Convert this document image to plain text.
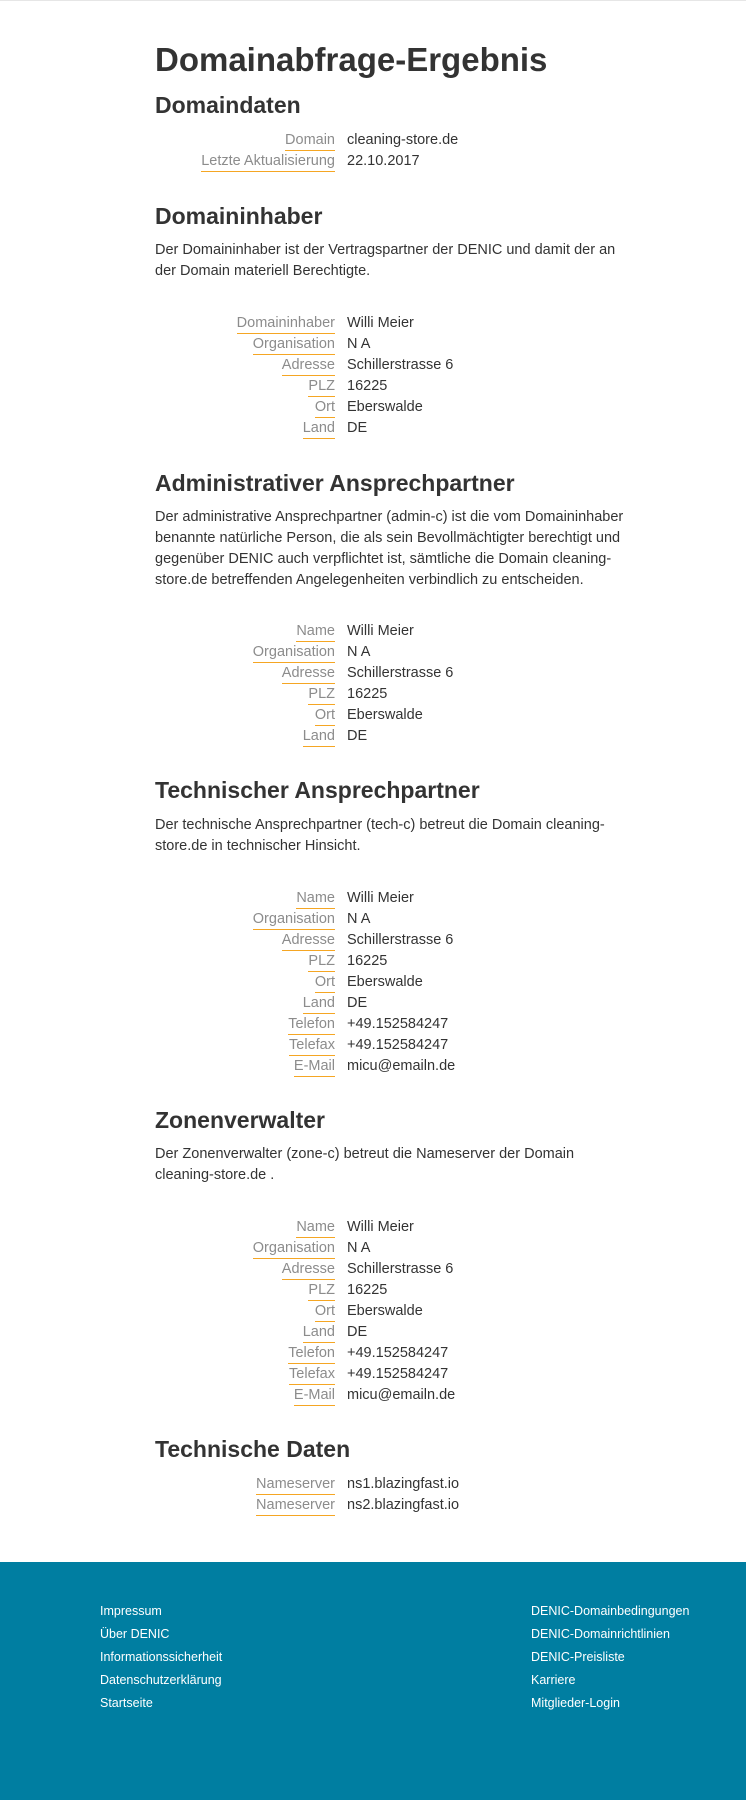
Domainabfrage-Ergebnis
Domaindaten
Domain cleaning-store.de
Letzte Aktualisierung 22.10.2017
Domaininhaber

Der Domaininhaber ist der Vertragspartner der DENIC und damit der an der Domain materiell Berechtigte.

Domaininhaber Willi Meier
Organisation N A
Adresse Schillerstrasse 6
PLZ 16225
Ort Eberswalde
Land DE
Administrativer Ansprechpartner

Der administrative Ansprechpartner (admin-c) ist die vom Domaininhaber benannte natürliche Person, die als sein Bevollmächtigter berechtigt und gegenüber DENIC auch verpflichtet ist, sämtliche die Domain cleaning-store.de betreffenden Angelegenheiten verbindlich zu entscheiden.

Name Willi Meier
Organisation N A
Adresse Schillerstrasse 6
PLZ 16225
Ort Eberswalde
Land DE
Technischer Ansprechpartner

Der technische Ansprechpartner (tech-c) betreut die Domain cleaning-store.de in technischer Hinsicht.

Name Willi Meier
Organisation N A
Adresse Schillerstrasse 6
PLZ 16225
Ort Eberswalde
Land DE
Telefon +49.152584247
Telefax +49.152584247
E-Mail micu@emailn.de
Zonenverwalter

Der Zonenverwalter (zone-c) betreut die Nameserver der Domain cleaning-store.de .

Name Willi Meier
Organisation N A
Adresse Schillerstrasse 6
PLZ 16225
Ort Eberswalde
Land DE
Telefon +49.152584247
Telefax +49.152584247
E-Mail micu@emailn.de
Technische Daten
Nameserver ns1.blazingfast.io
Nameserver ns2.blazingfast.io
Impressum
Über DENIC
Informationssicherheit
Datenschutzerklärung
Startseite
DENIC-Domainbedingungen
DENIC-Domainrichtlinien
DENIC-Preisliste
Karriere
Mitglieder-Login
